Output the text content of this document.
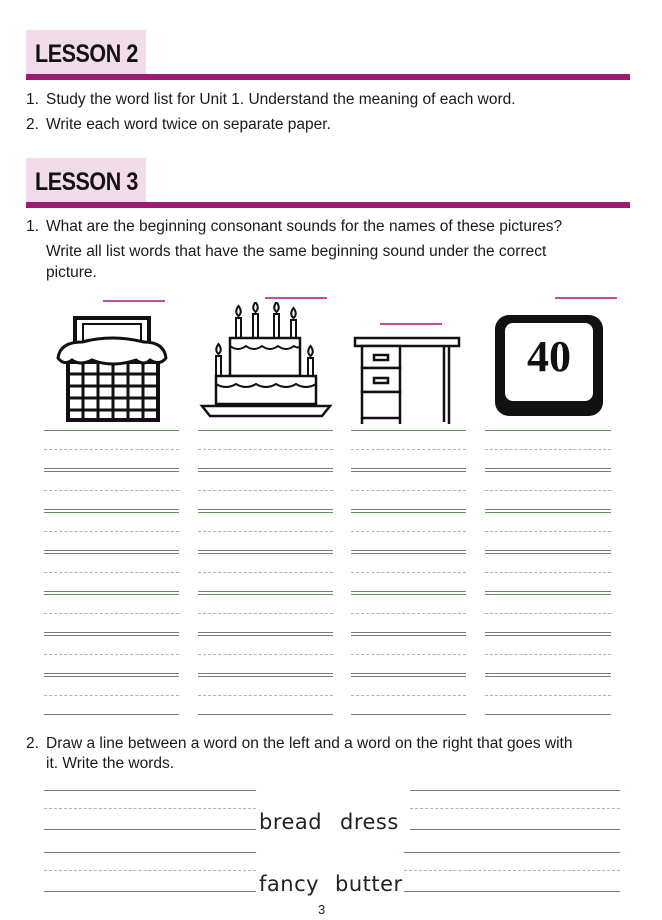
LESSON 2
1. Study the word list for Unit 1. Understand the meaning of each word.
2. Write each word twice on separate paper.
LESSON 3
1. What are the beginning consonant sounds for the names of these pictures?
Write all list words that have the same beginning sound under the correct
picture.
40
2. Draw a line between a word on the left and a word on the right that goes with
it. Write the words.
bread dress
fancy butter
3
